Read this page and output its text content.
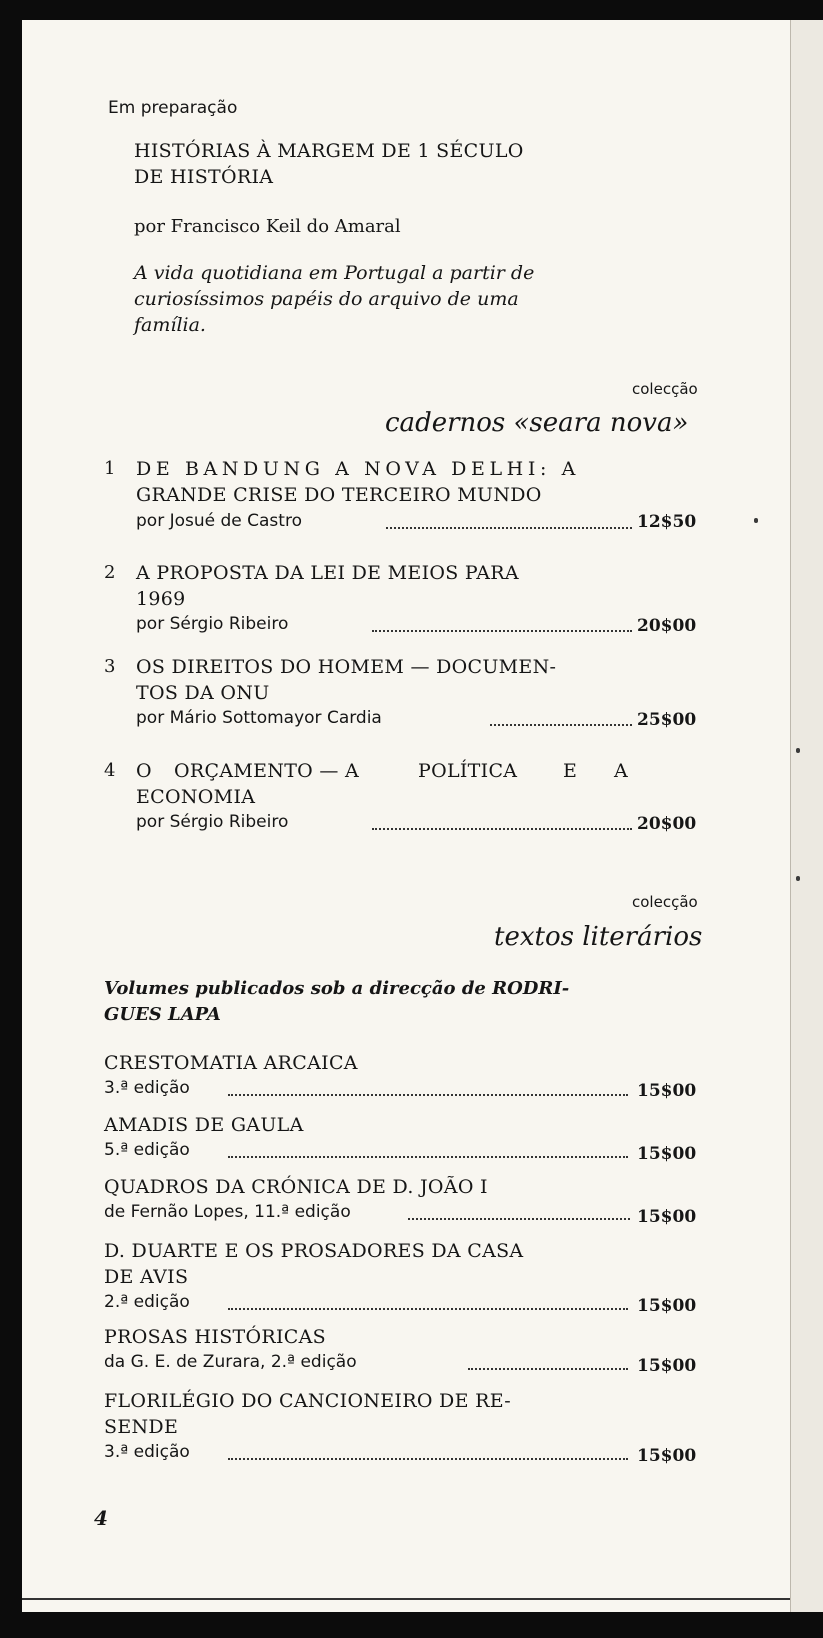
Em preparação
HISTÓRIAS À MARGEM DE 1 SÉCULO
DE HISTÓRIA
por Francisco Keil do Amaral
A vida quotidiana em Portugal a partir de
curiosíssimos papéis do arquivo de uma
família.
colecção
cadernos «seara nova»
1 DE BANDUNG A NOVA DELHI: A
GRANDE CRISE DO TERCEIRO MUNDO
por Josué de Castro	12$50
2 A PROPOSTA DA LEI DE MEIOS PARA
1969
por Sérgio Ribeiro	20$00
3 OS DIREITOS DO HOMEM — DOCUMEN-
TOS DA ONU
por Mário Sottomayor Cardia	25$00
4 O ORÇAMENTO — A	POLÍTICA E A
ECONOMIA
por Sérgio Ribeiro	20$00
colecção
textos literários
Volumes publicados sob a direcção de RODRI-
GUES LAPA
CRESTOMATIA ARCAICA
3.ª edição	15$00
AMADIS DE GAULA
5.ª edição	15$00
QUADROS DA CRÓNICA DE D. JOÃO I
de Fernão Lopes, 11.ª edição	15$00
D. DUARTE E OS PROSADORES DA CASA
DE AVIS
2.ª edição	15$00
PROSAS HISTÓRICAS
da G. E. de Zurara, 2.ª edição	15$00
FLORILÉGIO DO CANCIONEIRO DE RE-
SENDE
3.ª edição	15$00
4
